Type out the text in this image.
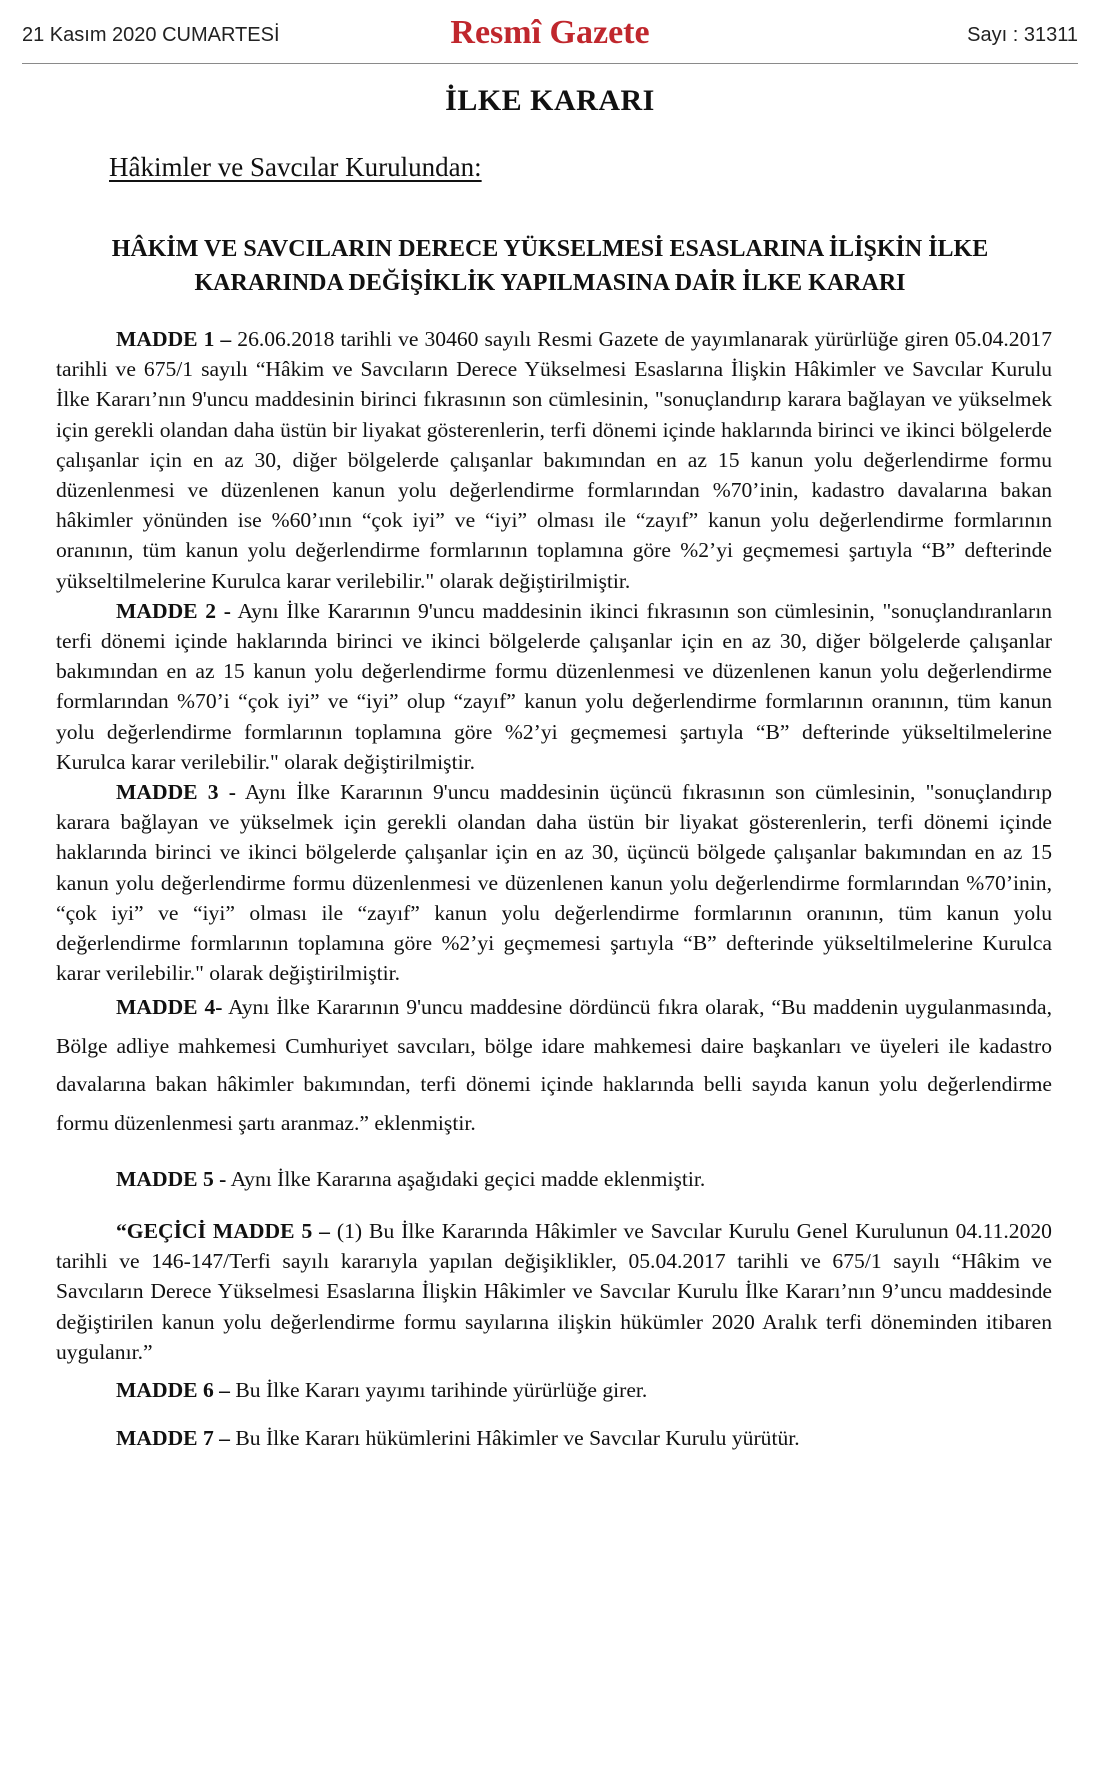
21 Kasım 2020 CUMARTESİ	Resmî Gazete	Sayı : 31311
İLKE KARARI
Hâkimler ve Savcılar Kurulundan:
HÂKİM VE SAVCILARIN DERECE YÜKSELMESİ ESASLARINA İLİŞKİN İLKE
KARARINDA DEĞİŞİKLİK YAPILMASINA DAİR İLKE KARARI

MADDE 1 – 26.06.2018 tarihli ve 30460 sayılı Resmi Gazete de yayımlanarak yürürlüğe giren 05.04.2017 tarihli ve 675/1 sayılı “Hâkim ve Savcıların Derece Yükselmesi Esaslarına İlişkin Hâkimler ve Savcılar Kurulu İlke Kararı’nın 9'uncu maddesinin birinci fıkrasının son cümlesinin, "sonuçlandırıp karara bağlayan ve yükselmek için gerekli olandan daha üstün bir liyakat gösterenlerin, terfi dönemi içinde haklarında birinci ve ikinci bölgelerde çalışanlar için en az 30, diğer bölgelerde çalışanlar bakımından en az 15 kanun yolu değerlendirme formu düzenlenmesi ve düzenlenen kanun yolu değerlendirme formlarından %70’inin, kadastro davalarına bakan hâkimler yönünden ise %60’ının “çok iyi” ve “iyi” olması ile “zayıf” kanun yolu değerlendirme formlarının oranının, tüm kanun yolu değerlendirme formlarının toplamına göre %2’yi geçmemesi şartıyla “B” defterinde yükseltilmelerine Kurulca karar verilebilir." olarak değiştirilmiştir.

MADDE 2 - Aynı İlke Kararının 9'uncu maddesinin ikinci fıkrasının son cümlesinin, "sonuçlandıranların terfi dönemi içinde haklarında birinci ve ikinci bölgelerde çalışanlar için en az 30, diğer bölgelerde çalışanlar bakımından en az 15 kanun yolu değerlendirme formu düzenlenmesi ve düzenlenen kanun yolu değerlendirme formlarından %70’i “çok iyi” ve “iyi” olup “zayıf” kanun yolu değerlendirme formlarının oranının, tüm kanun yolu değerlendirme formlarının toplamına göre %2’yi geçmemesi şartıyla “B” defterinde yükseltilmelerine Kurulca karar verilebilir." olarak değiştirilmiştir.

MADDE 3 - Aynı İlke Kararının 9'uncu maddesinin üçüncü fıkrasının son cümlesinin, "sonuçlandırıp karara bağlayan ve yükselmek için gerekli olandan daha üstün bir liyakat gösterenlerin, terfi dönemi içinde haklarında birinci ve ikinci bölgelerde çalışanlar için en az 30, üçüncü bölgede çalışanlar bakımından en az 15 kanun yolu değerlendirme formu düzenlenmesi ve düzenlenen kanun yolu değerlendirme formlarından %70’inin, “çok iyi” ve “iyi” olması ile “zayıf” kanun yolu değerlendirme formlarının oranının, tüm kanun yolu değerlendirme formlarının toplamına göre %2’yi geçmemesi şartıyla “B” defterinde yükseltilmelerine Kurulca karar verilebilir." olarak değiştirilmiştir.

MADDE 4- Aynı İlke Kararının 9'uncu maddesine dördüncü fıkra olarak, “Bu maddenin uygulanmasında, Bölge adliye mahkemesi Cumhuriyet savcıları, bölge idare mahkemesi daire başkanları ve üyeleri ile kadastro davalarına bakan hâkimler bakımından, terfi dönemi içinde haklarında belli sayıda kanun yolu değerlendirme formu düzenlenmesi şartı aranmaz.” eklenmiştir.

MADDE 5 - Aynı İlke Kararına aşağıdaki geçici madde eklenmiştir.

“GEÇİCİ MADDE 5 – (1) Bu İlke Kararında Hâkimler ve Savcılar Kurulu Genel Kurulunun 04.11.2020 tarihli ve 146-147/Terfi sayılı kararıyla yapılan değişiklikler, 05.04.2017 tarihli ve 675/1 sayılı “Hâkim ve Savcıların Derece Yükselmesi Esaslarına İlişkin Hâkimler ve Savcılar Kurulu İlke Kararı’nın 9’uncu maddesinde değiştirilen kanun yolu değerlendirme formu sayılarına ilişkin hükümler 2020 Aralık terfi döneminden itibaren uygulanır.”

MADDE 6 – Bu İlke Kararı yayımı tarihinde yürürlüğe girer.

MADDE 7 – Bu İlke Kararı hükümlerini Hâkimler ve Savcılar Kurulu yürütür.
